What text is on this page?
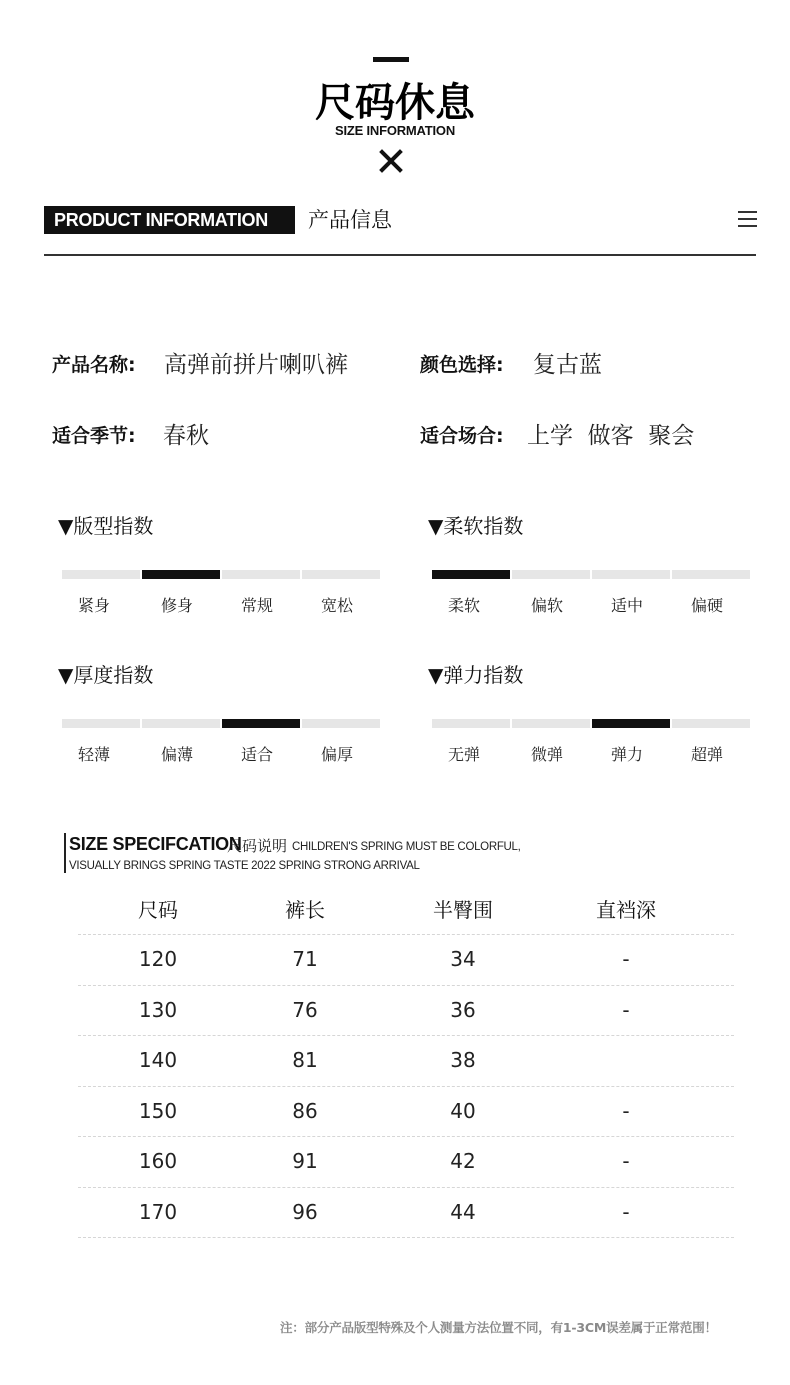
尺码休息
SIZE INFORMATION
PRODUCT INFORMATION	产品信息
产品名称: 高弹前拼片喇叭裤	颜色选择: 复古蓝
适合季节: 春秋	适合场合: 上学  做客  聚会
▼版型指数
紧身	修身	常规	宽松
▼柔软指数
柔软	偏软	适中	偏硬
▼厚度指数
轻薄	偏薄	适合	偏厚
▼弹力指数
无弹	微弹	弹力	超弹
SIZE SPECIFCATION
尺码说明 CHILDREN'S SPRING MUST BE COLORFUL,
VISUALLY BRINGS SPRING TASTE 2022 SPRING STRONG ARRIVAL
尺码	裤长	半臀围	直裆深
120	71	34	-
130	76	36	-
140	81	38
150	86	40	-
160	91	42	-
170	96	44	-
注：部分产品版型特殊及个人测量方法位置不同，有1-3CM误差属于正常范围！
